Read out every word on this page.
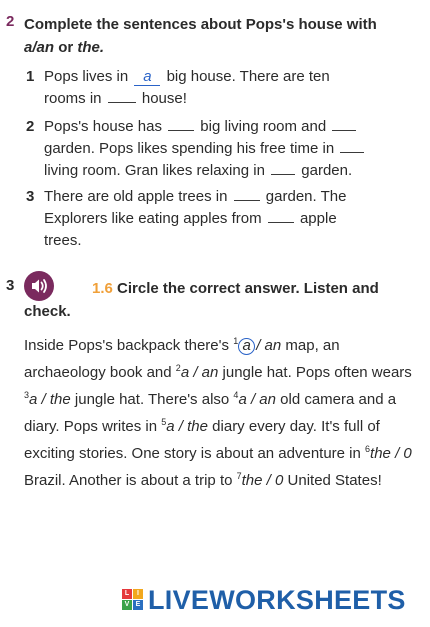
Complete the sentences about Pops's house with
a/an or the.
2
1 Pops lives in a big house. There are ten
rooms in	house!
2 Pops's house has	big living room and
garden. Pops likes spending his free time in
living room. Gran likes relaxing in garden.
3 There are old apple trees in	garden. The
Explorers like eating apples from	apple
trees.
3	1.6 Circle the correct answer. Listen and check.
Inside Pops's backpack there's $^1$ a / an map, an archaeology book and $^2$a / an jungle hat. Pops often wears $^3$a / the jungle hat. There's also $^4$a / an old camera and a diary. Pops writes in $^5$a / the diary every day. It's full of exciting stories. One story is about an adventure in $^6$the / 0 Brazil. Another is about a trip to $^7$the / 0 United States!
L	I
V E LIVEWORKSHEETS
